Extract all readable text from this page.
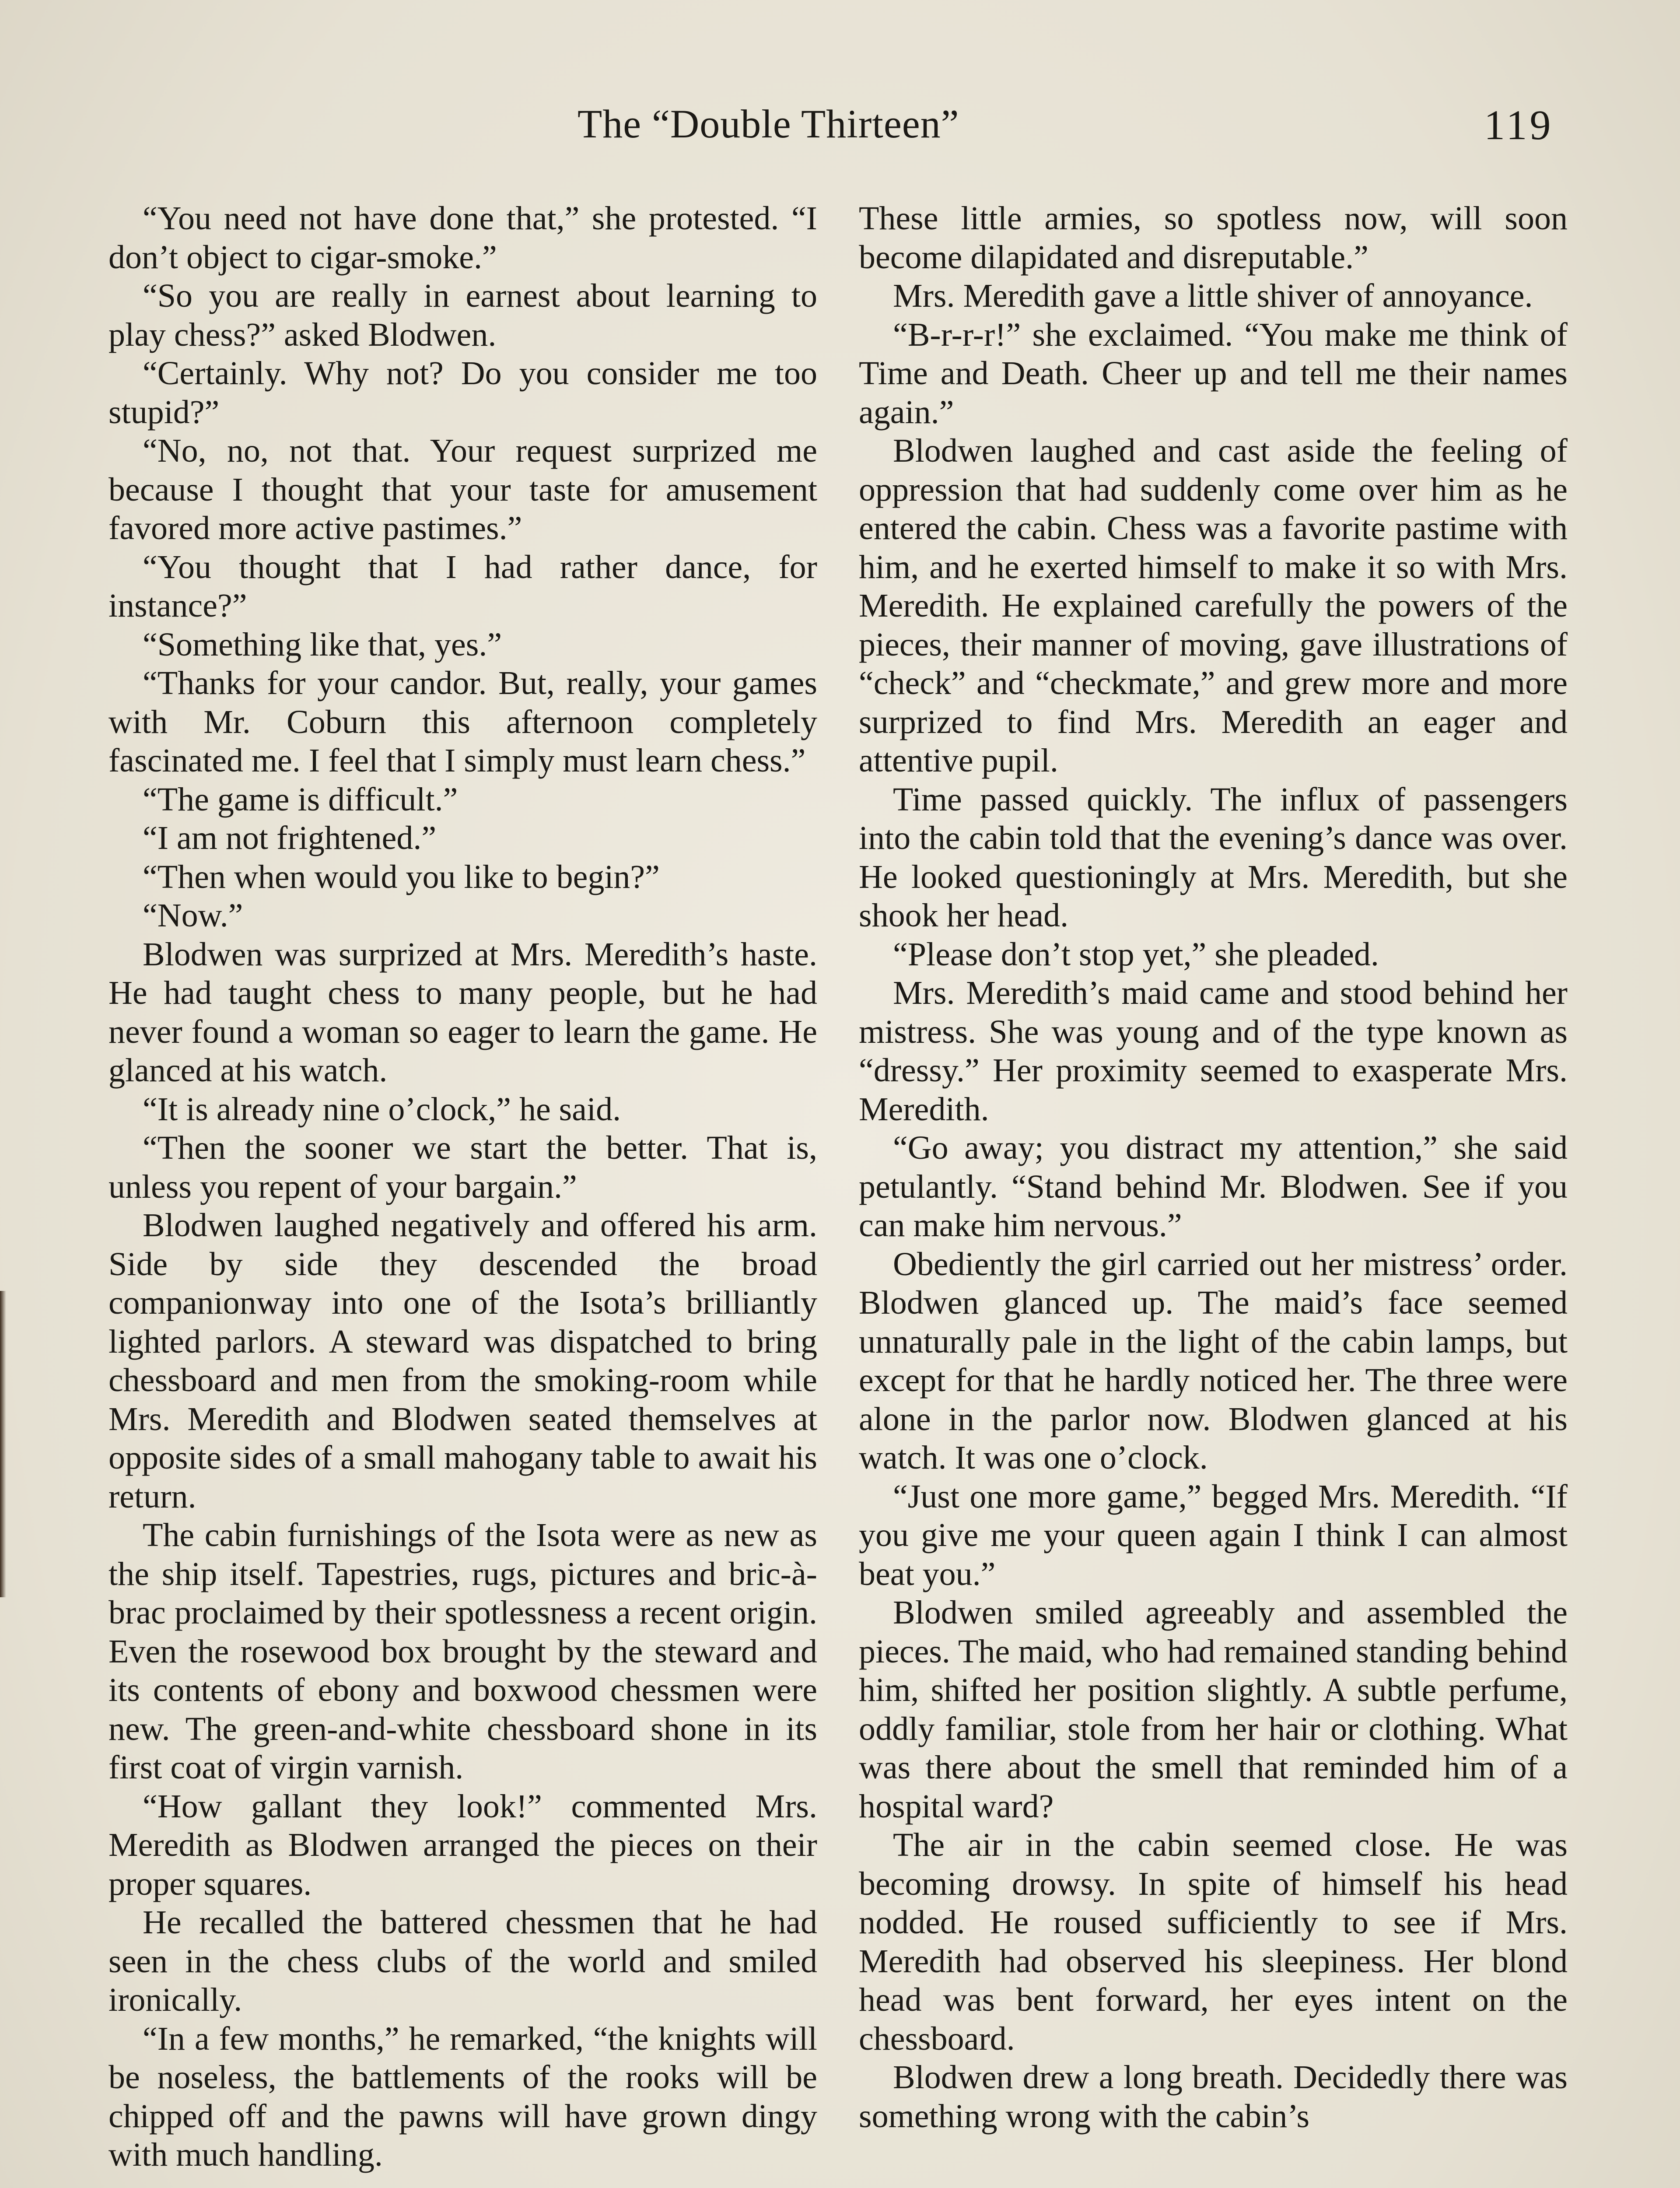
The “Double Thirteen”	119

“You need not have done that,” she protested. “I don’t object to cigar-smoke.”

“So you are really in earnest about learning to play chess?” asked Blodwen.

“Certainly. Why not? Do you consider me too stupid?”

“No, no, not that. Your request surprized me because I thought that your taste for amusement favored more active pastimes.”

“You thought that I had rather dance, for instance?”

“Something like that, yes.”

“Thanks for your candor. But, really, your games with Mr. Coburn this afternoon completely fascinated me. I feel that I simply must learn chess.”

“The game is difficult.”

“I am not frightened.”

“Then when would you like to begin?”

“Now.”

Blodwen was surprized at Mrs. Meredith’s haste. He had taught chess to many people, but he had never found a woman so eager to learn the game. He glanced at his watch.

“It is already nine o’clock,” he said.

“Then the sooner we start the better. That is, unless you repent of your bargain.”

Blodwen laughed negatively and offered his arm. Side by side they descended the broad companionway into one of the Isota’s brilliantly lighted parlors. A steward was dispatched to bring chessboard and men from the smoking-room while Mrs. Meredith and Blodwen seated themselves at opposite sides of a small mahogany table to await his return.

The cabin furnishings of the Isota were as new as the ship itself. Tapestries, rugs, pictures and bric-à-brac proclaimed by their spotlessness a recent origin. Even the rosewood box brought by the steward and its contents of ebony and boxwood chessmen were new. The green-and-white chessboard shone in its first coat of virgin varnish.

“How gallant they look!” commented Mrs. Meredith as Blodwen arranged the pieces on their proper squares.

He recalled the battered chessmen that he had seen in the chess clubs of the world and smiled ironically.

“In a few months,” he remarked, “the knights will be noseless, the battlements of the rooks will be chipped off and the pawns will have grown dingy with much handling.

These little armies, so spotless now, will soon become dilapidated and disreputable.”

Mrs. Meredith gave a little shiver of annoyance.

“B-r-r-r!” she exclaimed. “You make me think of Time and Death. Cheer up and tell me their names again.”

Blodwen laughed and cast aside the feeling of oppression that had suddenly come over him as he entered the cabin. Chess was a favorite pastime with him, and he exerted himself to make it so with Mrs. Meredith. He explained carefully the powers of the pieces, their manner of moving, gave illustrations of “check” and “checkmate,” and grew more and more surprized to find Mrs. Meredith an eager and attentive pupil.

Time passed quickly. The influx of passengers into the cabin told that the evening’s dance was over. He looked questioningly at Mrs. Meredith, but she shook her head.

“Please don’t stop yet,” she pleaded.

Mrs. Meredith’s maid came and stood behind her mistress. She was young and of the type known as “dressy.” Her proximity seemed to exasperate Mrs. Meredith.

“Go away; you distract my attention,” she said petulantly. “Stand behind Mr. Blodwen. See if you can make him nervous.”

Obediently the girl carried out her mistress’ order. Blodwen glanced up. The maid’s face seemed unnaturally pale in the light of the cabin lamps, but except for that he hardly noticed her. The three were alone in the parlor now. Blodwen glanced at his watch. It was one o’clock.

“Just one more game,” begged Mrs. Meredith. “If you give me your queen again I think I can almost beat you.”

Blodwen smiled agreeably and assembled the pieces. The maid, who had remained standing behind him, shifted her position slightly. A subtle perfume, oddly familiar, stole from her hair or clothing. What was there about the smell that reminded him of a hospital ward?

The air in the cabin seemed close. He was becoming drowsy. In spite of himself his head nodded. He roused sufficiently to see if Mrs. Meredith had observed his sleepiness. Her blond head was bent forward, her eyes intent on the chessboard.

Blodwen drew a long breath. Decidedly there was something wrong with the cabin’s
